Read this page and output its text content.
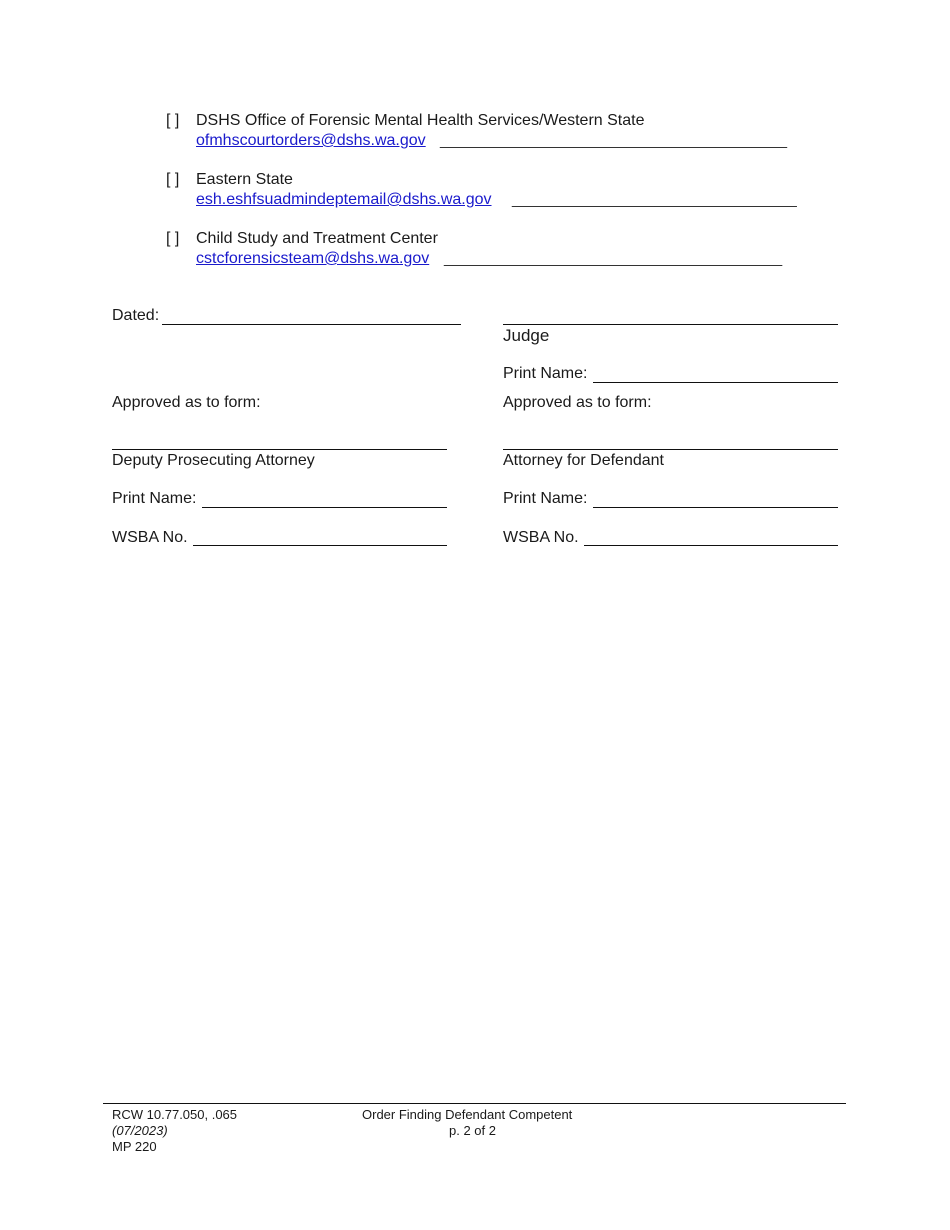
[ ] DSHS Office of Forensic Mental Health Services/Western State
ofmhscourtorders@dshs.wa.gov _______________________________________
[ ] Eastern State
esh.eshfsuadmindeptemail@dshs.wa.gov ________________________________
[ ] Child Study and Treatment Center
cstcforensicsteam@dshs.wa.gov ______________________________________
Dated:
Judge
Print Name:
Approved as to form:	Approved as to form:
Deputy Prosecuting Attorney	Attorney for Defendant
Print Name:	Print Name:
WSBA No.	WSBA No.
RCW 10.77.050, .065
(07/2023)
MP 220
Order Finding Defendant Competent
p. 2 of 2
